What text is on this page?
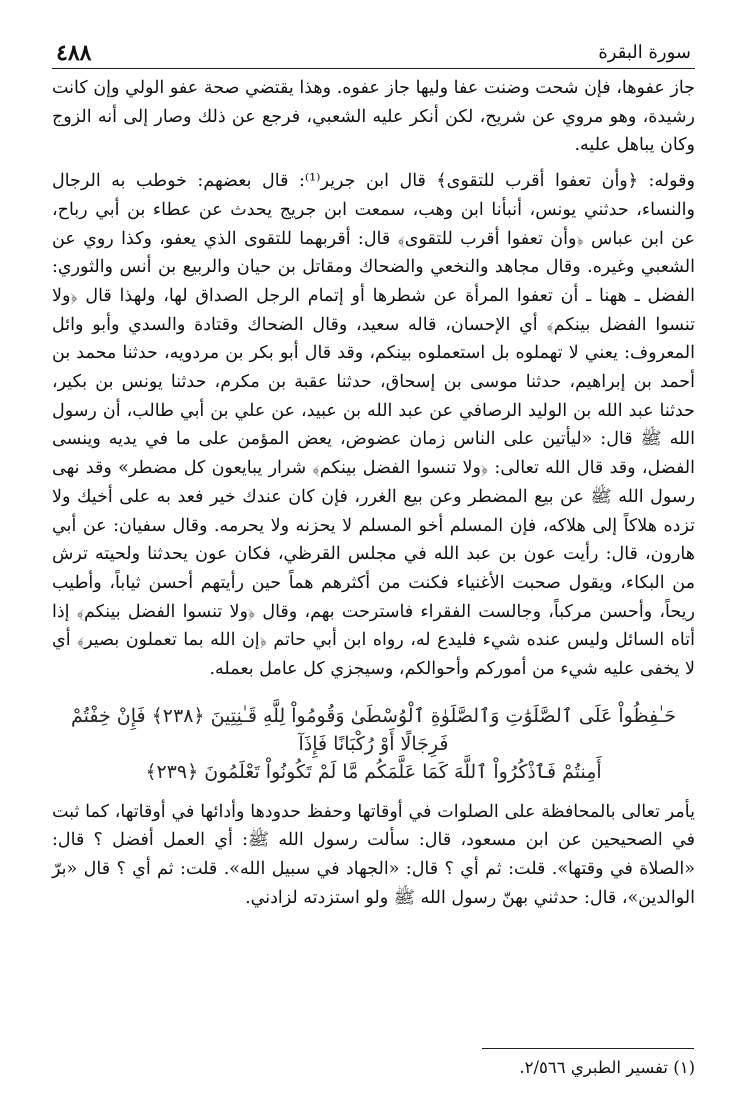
٤٨٨	سورة البقرة

جاز عفوها، فإن شحت وضنت عفا وليها جاز عفوه. وهذا يقتضي صحة عفو الولي وإن كانت رشيدة، وهو مروي عن شريح، لكن أنكر عليه الشعبي، فرجع عن ذلك وصار إلى أنه الزوج وكان يباهل عليه.

وقوله: ﴿وأن تعفوا أقرب للتقوى﴾ قال ابن جرير⁽¹⁾: قال بعضهم: خوطب به الرجال والنساء، حدثني يونس، أنبأنا ابن وهب، سمعت ابن جريج يحدث عن عطاء بن أبي رباح، عن ابن عباس ﴿وأن تعفوا أقرب للتقوى﴾ قال: أقربهما للتقوى الذي يعفو، وكذا روي عن الشعبي وغيره. وقال مجاهد والنخعي والضحاك ومقاتل بن حيان والربيع بن أنس والثوري: الفضل ـ ههنا ـ أن تعفوا المرأة عن شطرها أو إتمام الرجل الصداق لها، ولهذا قال ﴿ولا تنسوا الفضل بينكم﴾ أي الإحسان، قاله سعيد، وقال الضحاك وقتادة والسدي وأبو وائل المعروف: يعني لا تهملوه بل استعملوه بينكم، وقد قال أبو بكر بن مردويه، حدثنا محمد بن أحمد بن إبراهيم، حدثنا موسى بن إسحاق، حدثنا عقبة بن مكرم، حدثنا يونس بن بكير، حدثنا عبد الله بن الوليد الرصافي عن عبد الله بن عبيد، عن علي بن أبي طالب، أن رسول الله ﷺ قال: «ليأتين على الناس زمان عضوض، يعض المؤمن على ما في يديه وينسى الفضل، وقد قال الله تعالى: ﴿ولا تنسوا الفضل بينكم﴾ شرار يبايعون كل مضطر» وقد نهى رسول الله ﷺ عن بيع المضطر وعن بيع الغرر، فإن كان عندك خير فعد به على أخيك ولا تزده هلاكاً إلى هلاكه، فإن المسلم أخو المسلم لا يحزنه ولا يحرمه. وقال سفيان: عن أبي هارون، قال: رأيت عون بن عبد الله في مجلس القرظي، فكان عون يحدثنا ولحيته ترش من البكاء، ويقول صحبت الأغنياء فكنت من أكثرهم هماً حين رأيتهم أحسن ثياباً، وأطيب ريحاً، وأحسن مركباً، وجالست الفقراء فاسترحت بهم، وقال ﴿ولا تنسوا الفضل بينكم﴾ إذا أتاه السائل وليس عنده شيء فليدع له، رواه ابن أبي حاتم ﴿إن الله بما تعملون بصير﴾ أي لا يخفى عليه شيء من أموركم وأحوالكم، وسيجزي كل عامل بعمله.

حَـٰفِظُواْ عَلَى ٱلصَّلَوَٰتِ وَٱلصَّلَوٰةِ ٱلْوُسْطَىٰ وَقُومُواْ لِلَّهِ قَـٰنِتِينَ ﴿٢٣٨﴾ فَإِنْ خِفْتُمْ فَرِجَالًا أَوْ رُكْبَانًا فَإِذَآ
أَمِنتُمْ فَٱذْكُرُواْ ٱللَّهَ كَمَا عَلَّمَكُم مَّا لَمْ تَكُونُواْ تَعْلَمُونَ ﴿٢٣٩﴾

يأمر تعالى بالمحافظة على الصلوات في أوقاتها وحفظ حدودها وأدائها في أوقاتها، كما ثبت في الصحيحين عن ابن مسعود، قال: سألت رسول الله ﷺ: أي العمل أفضل ؟ قال: «الصلاة في وقتها». قلت: ثم أي ؟ قال: «الجهاد في سبيل الله». قلت: ثم أي ؟ قال «برّ الوالدين»، قال: حدثني بهنّ رسول الله ﷺ ولو استزدته لزادني.

(١) تفسير الطبري ٢/٥٦٦.
